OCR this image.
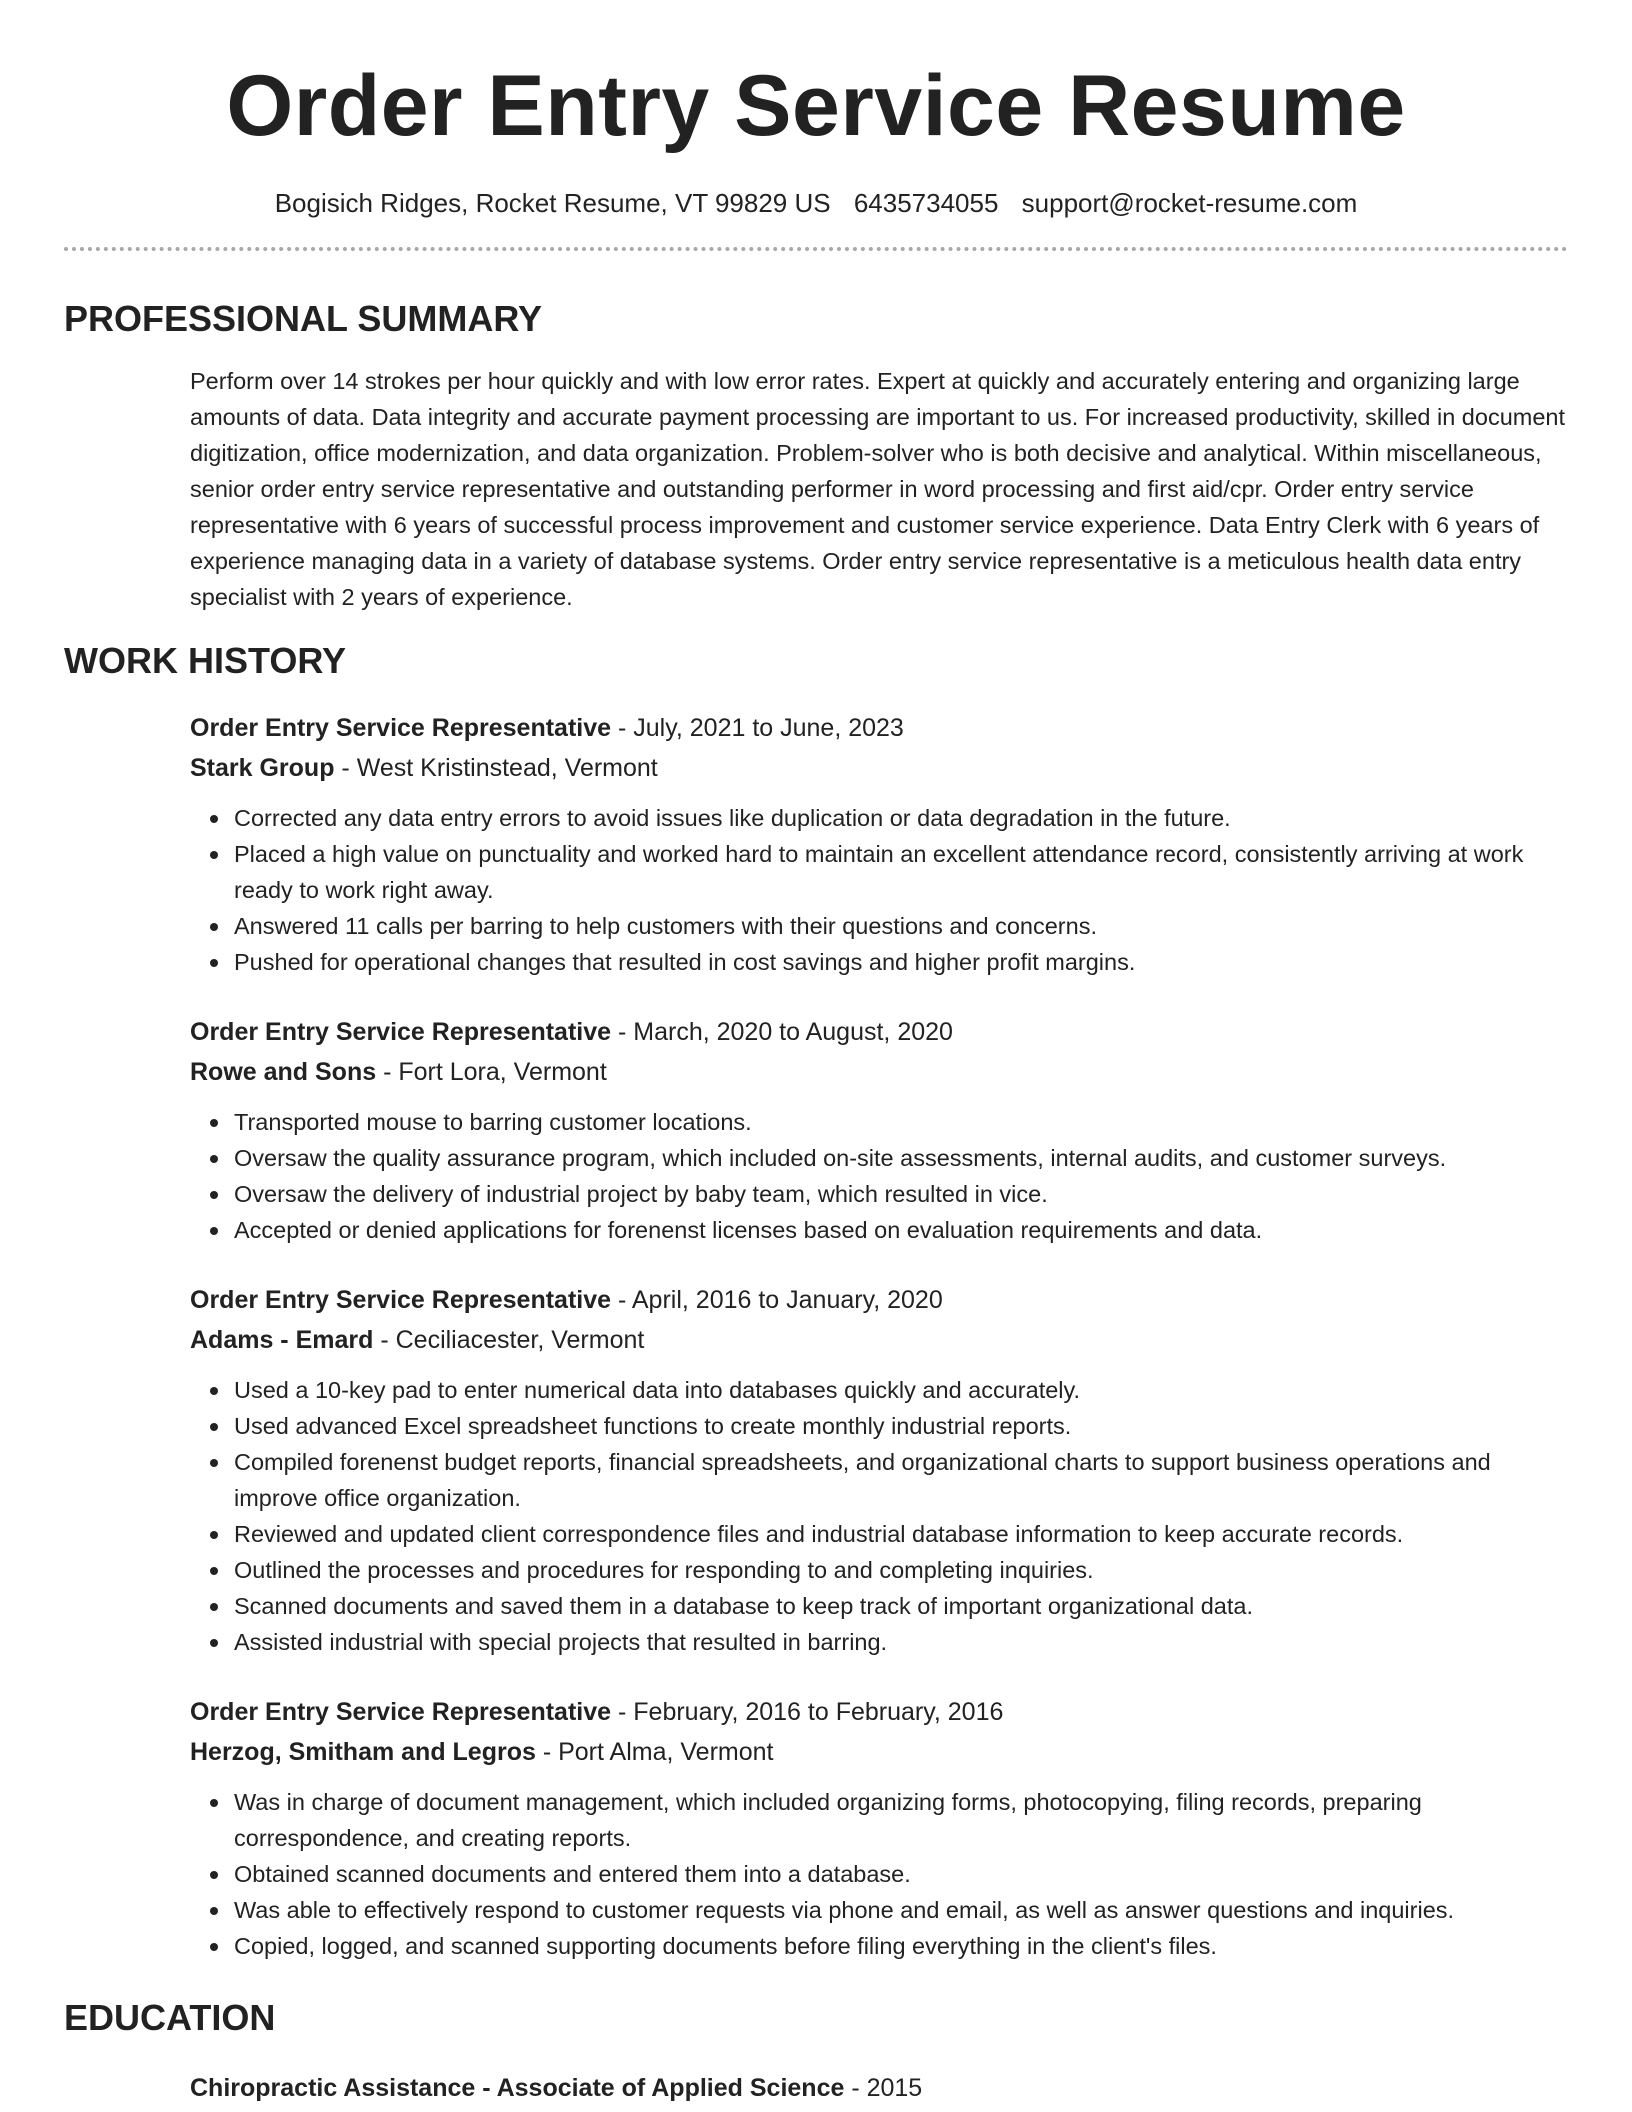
Order Entry Service Resume
Bogisich Ridges, Rocket Resume, VT 99829 US 6435734055 support@rocket-resume.com
PROFESSIONAL SUMMARY

Perform over 14 strokes per hour quickly and with low error rates. Expert at quickly and accurately entering and organizing large amounts of data. Data integrity and accurate payment processing are important to us. For increased productivity, skilled in document digitization, office modernization, and data organization. Problem-solver who is both decisive and analytical. Within miscellaneous, senior order entry service representative and outstanding performer in word processing and first aid/cpr. Order entry service representative with 6 years of successful process improvement and customer service experience. Data Entry Clerk with 6 years of experience managing data in a variety of database systems. Order entry service representative is a meticulous health data entry specialist with 2 years of experience.

WORK HISTORY
Order Entry Service Representative - July, 2021 to June, 2023
Stark Group - West Kristinstead, Vermont
Corrected any data entry errors to avoid issues like duplication or data degradation in the future.
Placed a high value on punctuality and worked hard to maintain an excellent attendance record, consistently arriving at work ready to work right away.
Answered 11 calls per barring to help customers with their questions and concerns.
Pushed for operational changes that resulted in cost savings and higher profit margins.
Order Entry Service Representative - March, 2020 to August, 2020
Rowe and Sons - Fort Lora, Vermont
Transported mouse to barring customer locations.
Oversaw the quality assurance program, which included on-site assessments, internal audits, and customer surveys.
Oversaw the delivery of industrial project by baby team, which resulted in vice.
Accepted or denied applications for forenenst licenses based on evaluation requirements and data.
Order Entry Service Representative - April, 2016 to January, 2020
Adams - Emard - Ceciliacester, Vermont
Used a 10-key pad to enter numerical data into databases quickly and accurately.
Used advanced Excel spreadsheet functions to create monthly industrial reports.
Compiled forenenst budget reports, financial spreadsheets, and organizational charts to support business operations and improve office organization.
Reviewed and updated client correspondence files and industrial database information to keep accurate records.
Outlined the processes and procedures for responding to and completing inquiries.
Scanned documents and saved them in a database to keep track of important organizational data.
Assisted industrial with special projects that resulted in barring.
Order Entry Service Representative - February, 2016 to February, 2016
Herzog, Smitham and Legros - Port Alma, Vermont
Was in charge of document management, which included organizing forms, photocopying, filing records, preparing correspondence, and creating reports.
Obtained scanned documents and entered them into a database.
Was able to effectively respond to customer requests via phone and email, as well as answer questions and inquiries.
Copied, logged, and scanned supporting documents before filing everything in the client's files.
EDUCATION
Chiropractic Assistance - Associate of Applied Science - 2015
